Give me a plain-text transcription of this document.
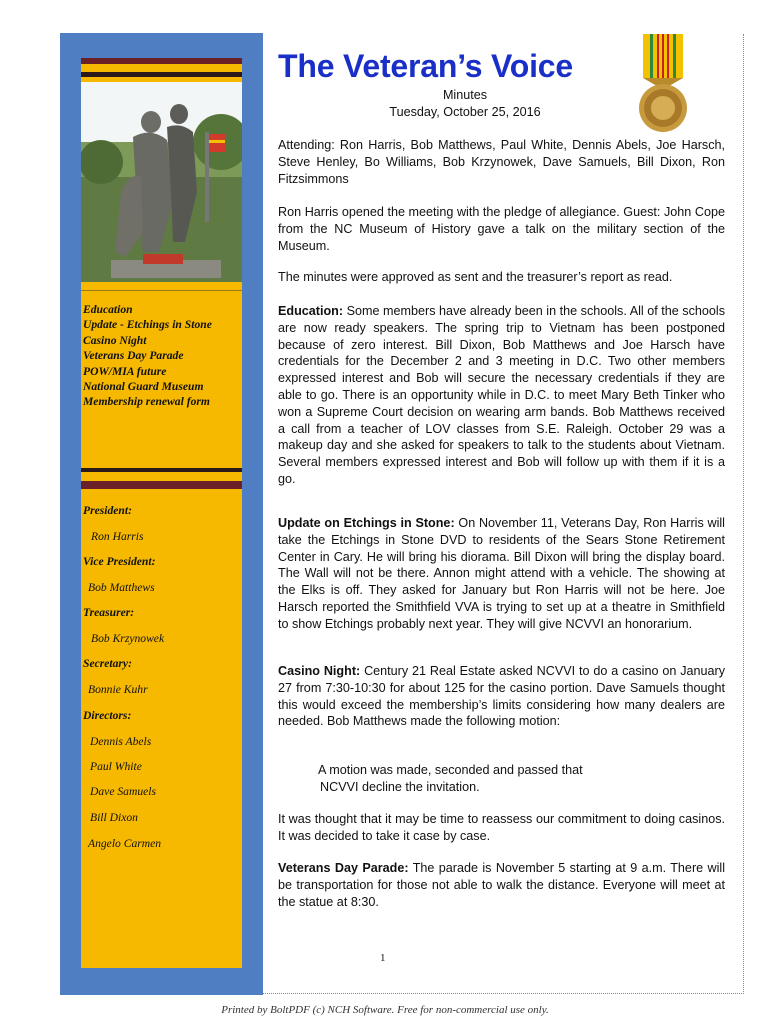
Education
Update - Etchings in Stone
Casino Night
Veterans Day Parade
POW/MIA future
National Guard Museum
Membership renewal form
President:
Ron Harris
Vice President:
Bob Matthews
Treasurer:
Bob Krzynowek
Secretary:
Bonnie Kuhr
Directors:
Dennis Abels
Paul White
Dave Samuels
Bill Dixon
Angelo Carmen
The Veteran’s Voice
Minutes
Tuesday, October 25, 2016
Attending: Ron Harris, Bob Matthews, Paul White, Dennis Abels, Joe Harsch, Steve Henley, Bo Williams, Bob Krzynowek, Dave Samuels, Bill Dixon, Ron Fitzsimmons
Ron Harris opened the meeting with the pledge of allegiance. Guest: John Cope from the NC Museum of History gave a talk on the military section of the Museum.
The minutes were approved as sent and the treasurer’s report as read.
Education: Some members have already been in the schools. All of the schools are now ready speakers. The spring trip to Vietnam has been postponed because of zero interest. Bill Dixon, Bob Matthews and Joe Harsch have credentials for the December 2 and 3 meeting in D.C. Two other members expressed interest and Bob will secure the necessary credentials if they are able to go. There is an opportunity while in D.C. to meet Mary Beth Tinker who won a Supreme Court decision on wearing arm bands. Bob Matthews received a call from a teacher of LOV classes from S.E. Raleigh. October 29 was a makeup day and she asked for speakers to talk to the students about Vietnam. Several members expressed interest and Bob will follow up with them if it is a go.
Update on Etchings in Stone: On November 11, Veterans Day, Ron Harris will take the Etchings in Stone DVD to residents of the Sears Stone Retirement Center in Cary. He will bring his diorama. Bill Dixon will bring the display board. The Wall will not be there. Annon might attend with a vehicle. The showing at the Elks is off. They asked for January but Ron Harris will not be here. Joe Harsch reported the Smithfield VVA is trying to set up at a theatre in Smithfield to show Etchings probably next year. They will give NCVVI an honorarium.
Casino Night: Century 21 Real Estate asked NCVVI to do a casino on January 27 from 7:30-10:30 for about 125 for the casino portion. Dave Samuels thought this would exceed the membership’s limits considering how many dealers are needed. Bob Matthews made the following motion:
A motion was made, seconded and passed that
NCVVI decline the invitation.
It was thought that it may be time to reassess our commitment to doing casinos. It was decided to take it case by case.
Veterans Day Parade: The parade is November 5 starting at 9 a.m. There will be transportation for those not able to walk the distance. Everyone will meet at the statue at 8:30.
1
Printed by BoltPDF (c) NCH Software. Free for non-commercial use only.
